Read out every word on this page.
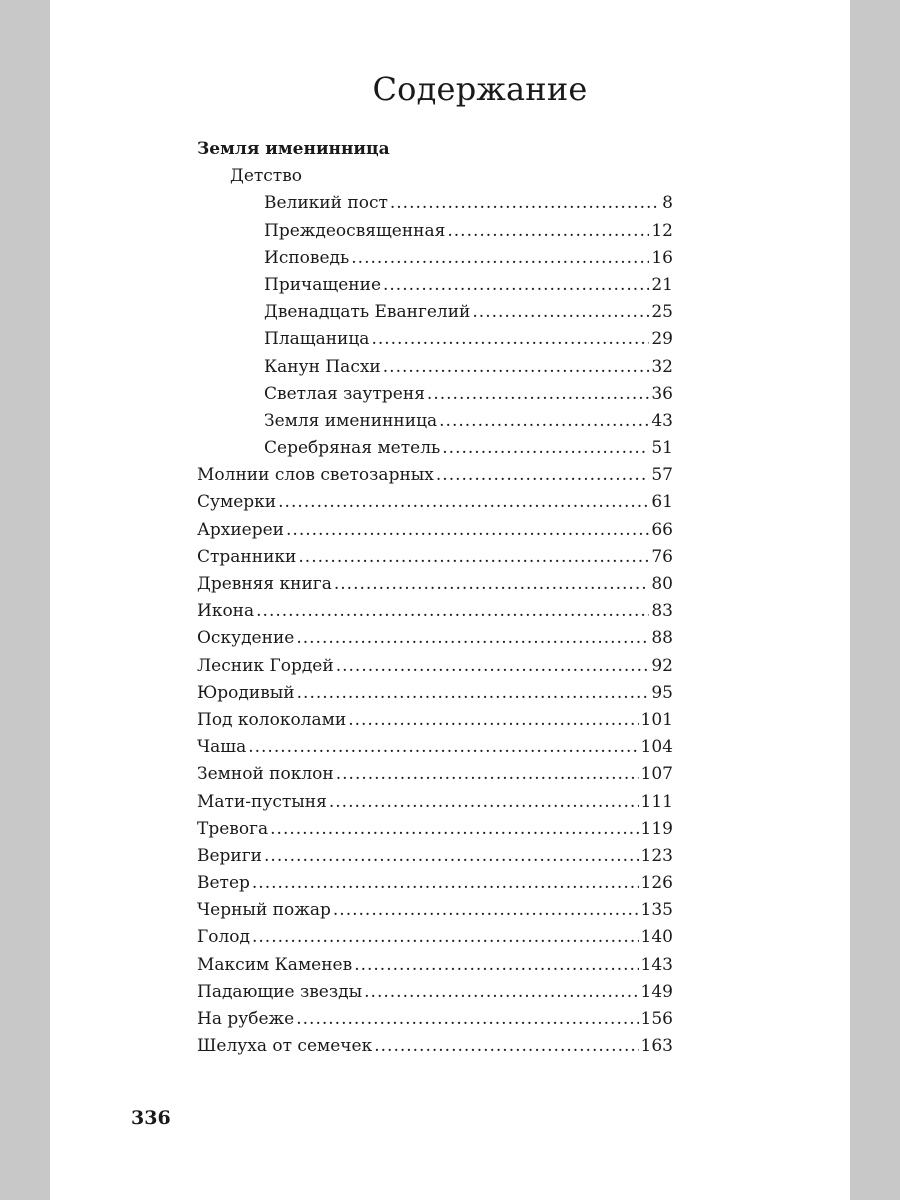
Содержание
Земля именинница
Детство
Великий пост .....	8
Преждеосвященная .....	12
Исповедь .....	16
Причащение .....	21
Двенадцать Евангелий .....	25
Плащаница .....	29
Канун Пасхи .....	32
Светлая заутреня .....	36
Земля именинница .....	43
Серебряная метель .....	51
Молнии слов светозарных .....	57
Сумерки .....	61
Архиереи .....	66
Странники .....	76
Древняя книга .....	80
Икона .....	83
Оскудение .....	88
Лесник Гордей .....	92
Юродивый .....	95
Под колоколами .....	101
Чаша .....	104
Земной поклон .....	107
Мати-пустыня .....	111
Тревога .....	119
Вериги .....	123
Ветер .....	126
Черный пожар .....	135
Голод .....	140
Максим Каменев .....	143
Падающие звезды .....	149
На рубеже .....	156
Шелуха от семечек .....	163
336
